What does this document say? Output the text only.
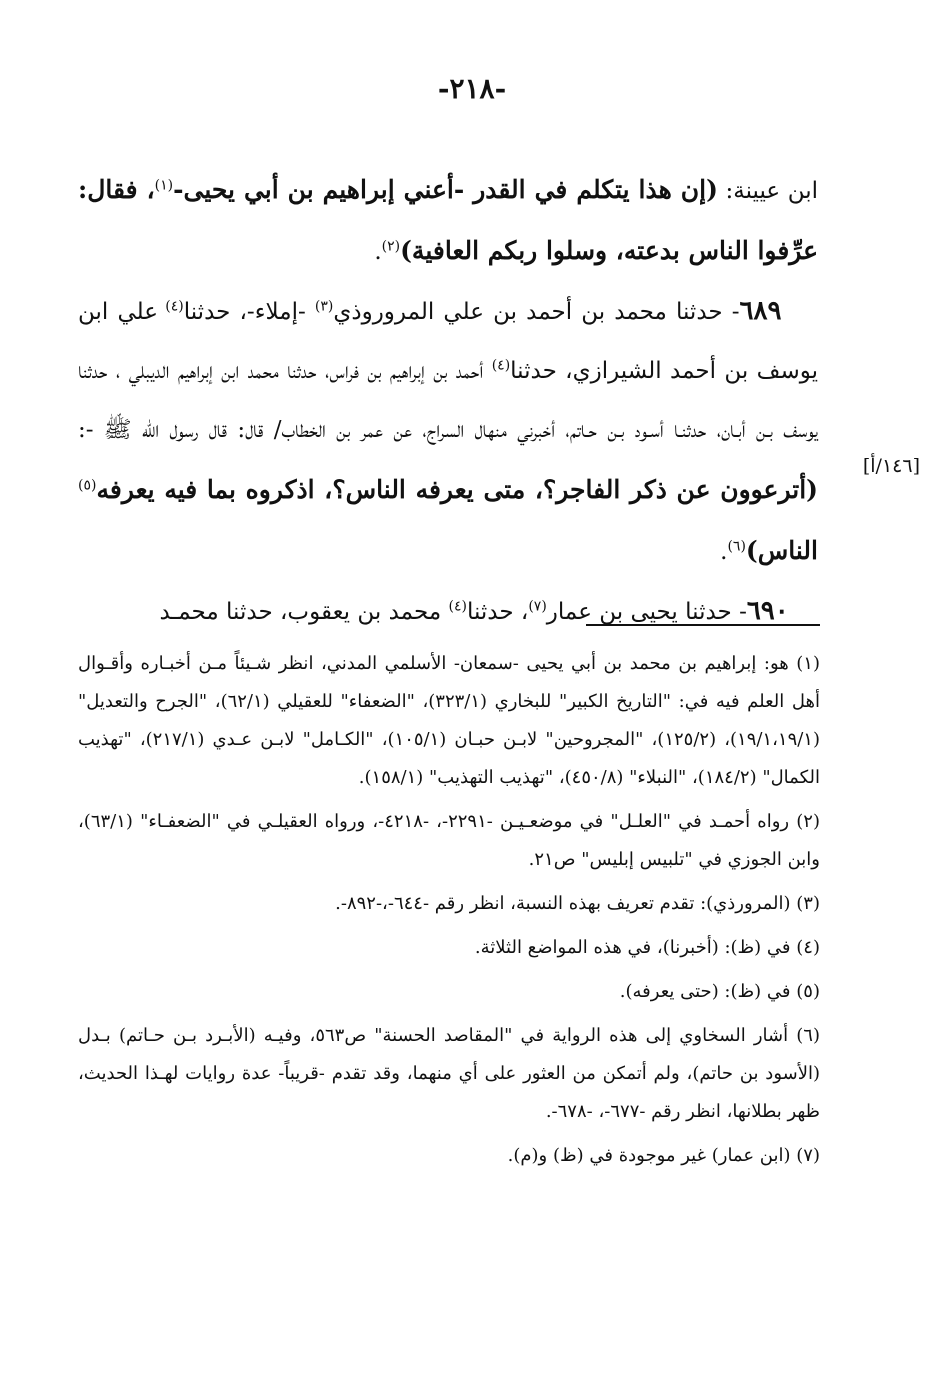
-٢١٨-
[١٤٦/أ]

ابن عيينة: (إن هذا يتكلم في القدر -أعني إبراهيم بن أبي يحيى-$^{(١)}$، فقال: عرِّفوا الناس بدعته، وسلوا ربكم العافية)$^{(٢)}$.

٦٨٩- حدثنا محمد بن أحمد بن علي المروروذي$^{(٣)}$ -إملاء-، حدثنا$^{(٤)}$ علي ابن يوسف بن أحمد الشيرازي، حدثنا$^{(٤)}$ أحمد بن إبراهيم بن فراس، حدثنا محمد ابن إبراهيم الديبلي ، حدثنا يوسف بـن أبـان، حدثنـا أسـود بـن حـاتم، أخبرني منهال السراج، عن عمر بن الخطاب/ قال: قال رسول الله ﷺ -: (أترعوون عن ذكر الفاجر؟، متى يعرفه الناس؟، اذكروه بما فيه يعرفه$^{(٥)}$ الناس)$^{(٦)}$.

٦٩٠- حدثنا يحيى بن عمار$^{(٧)}$، حدثنا$^{(٤)}$ محمد بن يعقوب، حدثنا محمـد

(١) هو: إبراهيم بن محمد بن أبي يحيى -سمعان- الأسلمي المدني، انظر شـيئاً مـن أخبـاره وأقـوال أهل العلم فيه في: "التاريخ الكبير" للبخاري (٣٢٣/١)، "الضعفاء" للعقيلي (٦٢/١)، "الجرح والتعديل" (١٩/١،١٩/١)، (١٢٥/٢)، "المجروحين" لابـن حبـان (١٠٥/١)، "الكـامل" لابـن عـدي (٢١٧/١)، "تهذيب الكمال" (١٨٤/٢)، "النبلاء" (٤٥٠/٨)، "تهذيب التهذيب" (١٥٨/١).

(٢) رواه أحمـد في "العلـل" في موضعـيـن -٢٢٩١-، -٤٢١٨-، ورواه العقيلـي في "الضعفـاء" (٦٣/١)، وابن الجوزي في "تلبيس إبليس" ص٢١.

(٣) (المرورذي): تقدم تعريف بهذه النسبة، انظر رقم -٦٤٤-،-٨٩٢-.

(٤) في (ظ): (أخبرنا)، في هذه المواضع الثلاثة.

(٥) في (ظ): (حتى يعرفه).

(٦) أشار السخاوي إلى هذه الرواية في "المقاصد الحسنة" ص٥٦٣، وفيـه (الأبـرد بـن حـاتم) بـدل (الأسود بن حاتم)، ولم أتمكن من العثور على أي منهما، وقد تقدم -قريباً- عدة روايات لهـذا الحديث، ظهر بطلانها، انظر رقم -٦٧٧-، -٦٧٨-.

(٧) (ابن عمار) غير موجودة في (ظ) و(م).
